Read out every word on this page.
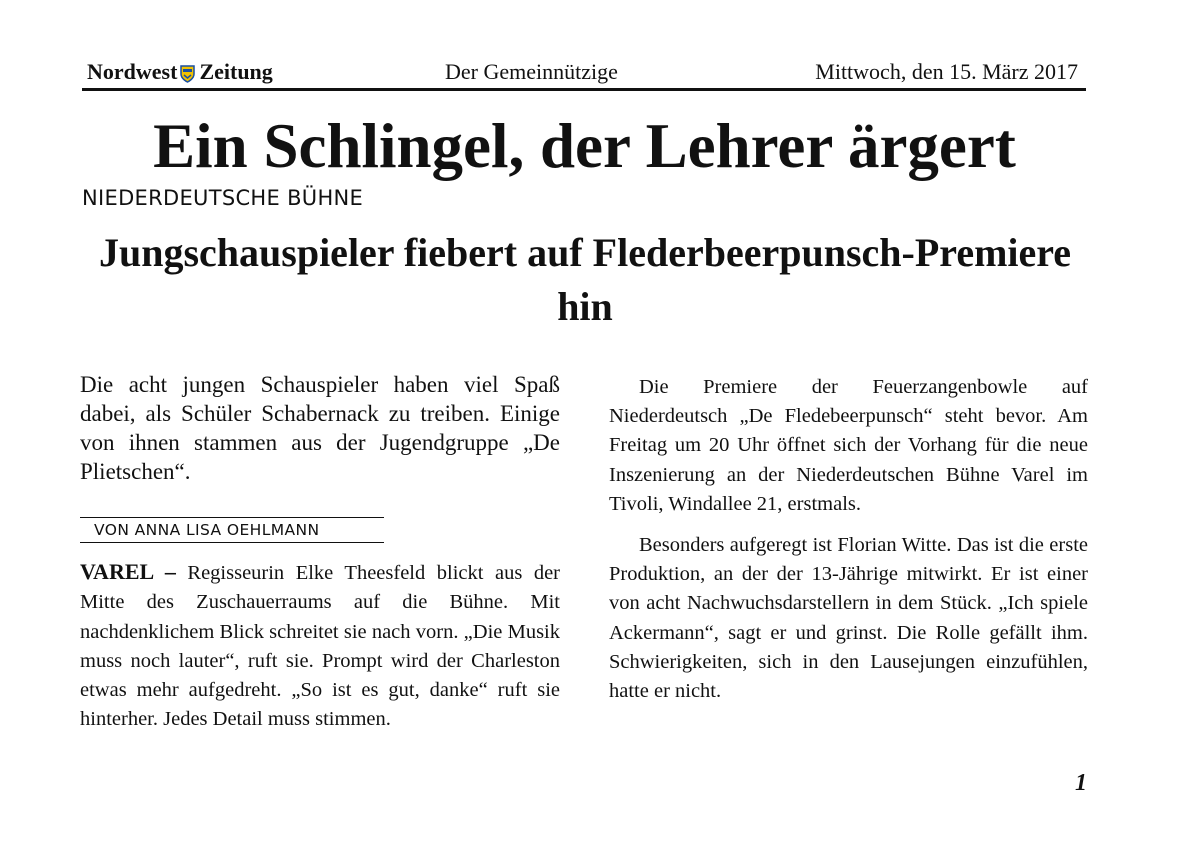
Nordwest Zeitung	Der Gemeinnützige	Mittwoch, den 15. März 2017
Ein Schlingel, der Lehrer ärgert
NIEDERDEUTSCHE BÜHNE
Jungschauspieler fiebert auf Flederbeerpunsch-Premiere hin

Die acht jungen Schauspieler haben viel Spaß dabei, als Schüler Schabernack zu treiben. Einige von ihnen stammen aus der Jugendgruppe „De Plietschen“.

VON ANNA LISA OEHLMANN

VAREL – Regisseurin Elke Theesfeld blickt aus der Mitte des Zuschauerraums auf die Bühne. Mit nachdenklichem Blick schreitet sie nach vorn. „Die Musik muss noch lauter“, ruft sie. Prompt wird der Charleston etwas mehr aufgedreht. „So ist es gut, danke“ ruft sie hinterher. Jedes Detail muss stimmen.

Die Premiere der Feuerzangenbowle auf Niederdeutsch „De Fledebeerpunsch“ steht bevor. Am Freitag um 20 Uhr öffnet sich der Vorhang für die neue Inszenierung an der Niederdeutschen Bühne Varel im Tivoli, Windallee 21, erstmals.

Besonders aufgeregt ist Florian Witte. Das ist die erste Produktion, an der der 13-Jährige mitwirkt. Er ist einer von acht Nachwuchsdarstellern in dem Stück. „Ich spiele Ackermann“, sagt er und grinst. Die Rolle gefällt ihm. Schwierigkeiten, sich in den Lausejungen einzufühlen, hatte er nicht.

1
